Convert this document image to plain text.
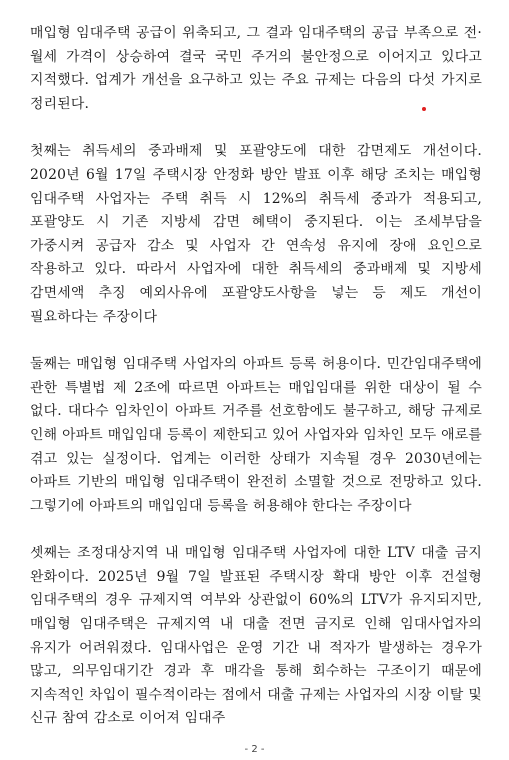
매입형 임대주택 공급이 위축되고, 그 결과 임대주택의 공급 부족으로 전·월세 가격이 상승하여 결국 국민 주거의 불안정으로 이어지고 있다고 지적했다. 업계가 개선을 요구하고 있는 주요 규제는 다음의 다섯 가지로 정리된다.

첫째는 취득세의 중과배제 및 포괄양도에 대한 감면제도 개선이다. 2020년 6월 17일 주택시장 안정화 방안 발표 이후 해당 조치는 매입형 임대주택 사업자는 주택 취득 시 12%의 취득세 중과가 적용되고, 포괄양도 시 기존 지방세 감면 혜택이 중지된다. 이는 조세부담을 가중시켜 공급자 감소 및 사업자 간 연속성 유지에 장애 요인으로 작용하고 있다. 따라서 사업자에 대한 취득세의 중과배제 및 지방세 감면세액 추징 예외사유에 포괄양도사항을 넣는 등 제도 개선이 필요하다는 주장이다

둘째는 매입형 임대주택 사업자의 아파트 등록 허용이다. 민간임대주택에 관한 특별법 제 2조에 따르면 아파트는 매입임대를 위한 대상이 될 수 없다. 대다수 임차인이 아파트 거주를 선호함에도 불구하고, 해당 규제로 인해 아파트 매입임대 등록이 제한되고 있어 사업자와 임차인 모두 애로를 겪고 있는 실정이다. 업계는 이러한 상태가 지속될 경우 2030년에는 아파트 기반의 매입형 임대주택이 완전히 소멸할 것으로 전망하고 있다. 그렇기에 아파트의 매입임대 등록을 허용해야 한다는 주장이다

셋째는 조정대상지역 내 매입형 임대주택 사업자에 대한 LTV 대출 금지 완화이다. 2025년 9월 7일 발표된 주택시장 확대 방안 이후 건설형 임대주택의 경우 규제지역 여부와 상관없이 60%의 LTV가 유지되지만, 매입형 임대주택은 규제지역 내 대출 전면 금지로 인해 임대사업자의 유지가 어려워졌다. 임대사업은 운영 기간 내 적자가 발생하는 경우가 많고, 의무임대기간 경과 후 매각을 통해 회수하는 구조이기 때문에 지속적인 차입이 필수적이라는 점에서 대출 규제는 사업자의 시장 이탈 및 신규 참여 감소로 이어져 임대주

- 2 -
